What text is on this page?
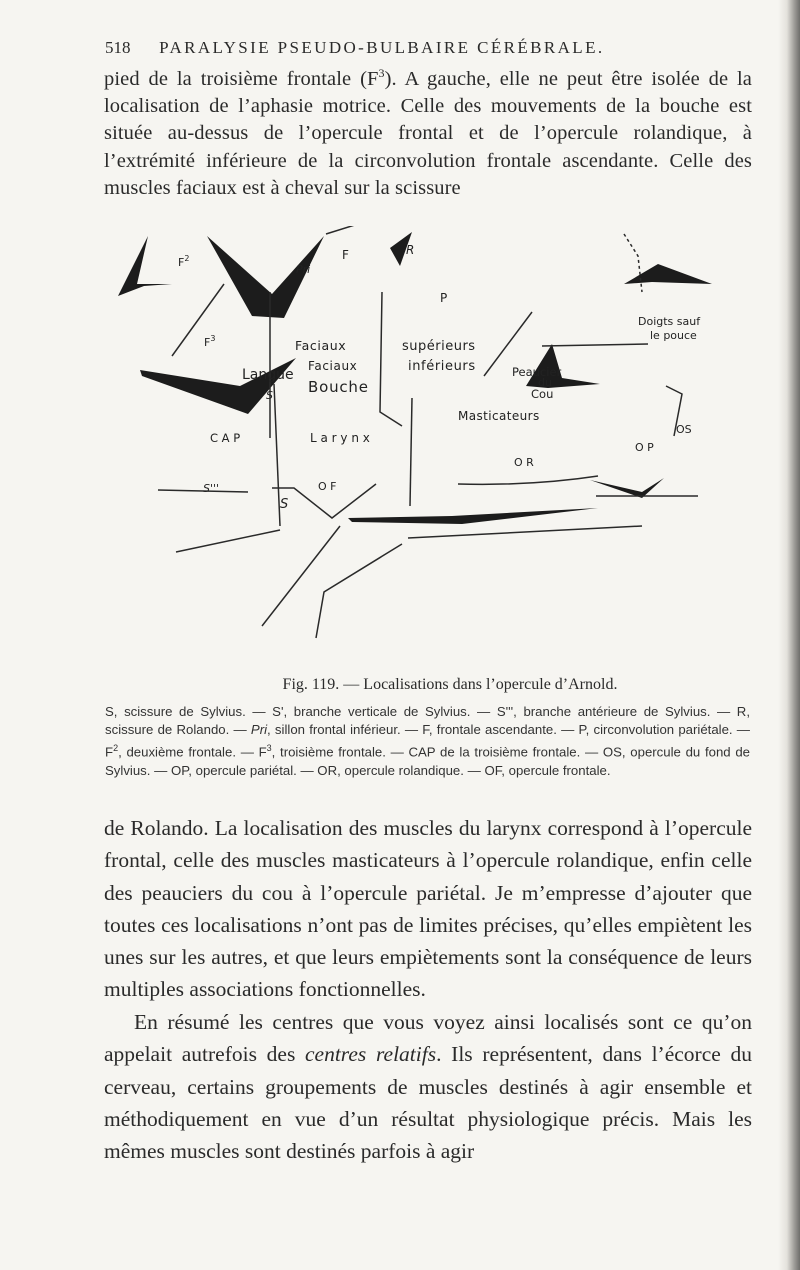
518 PARALYSIE PSEUDO-BULBAIRE CÉRÉBRALE.
pied de la troisième frontale $(F^3)$. A gauche, elle ne peut être isolée de la localisation de l’aphasie motrice. Celle des mouvements de la bouche est située au-dessus de l’opercule frontal et de l’opercule rolandique, à l’extrémité inférieure de la circonvolution frontale ascendante. Celle des muscles faciaux est à cheval sur la scissure
$F^2$
Pri
F	R
P
$F^3$	Faciaux	supérieurs
Doigts sauf
le pouce
Faciaux	inférieurs
Langue
S' Bouche
Peaucier
du
Cou
Masticateurs
C A P	L a r y n x
OS
O P
O R
S'''	O F
S
Fig. 119. — Localisations dans l’opercule d’Arnold.
S, scissure de Sylvius. — S', branche verticale de Sylvius. — S''', branche antérieure de Sylvius. — R, scissure de Rolando. — Pri, sillon frontal inférieur. — F, frontale ascendante. — P, circonvolution pariétale. — $F^2$, deuxième frontale. — $F^3$, troisième frontale. — CAP de la troisième frontale. — OS, opercule du fond de Sylvius. — OP, opercule pariétal. — OR, opercule rolandique. — OF, opercule frontale.
de Rolando. La localisation des muscles du larynx correspond à l’opercule frontal, celle des muscles masticateurs à l’opercule rolandique, enfin celle des peauciers du cou à l’opercule pariétal. Je m’empresse d’ajouter que toutes ces localisations n’ont pas de limites précises, qu’elles empiètent les unes sur les autres, et que leurs empiètements sont la conséquence de leurs multiples associations fonctionnelles.
En résumé les centres que vous voyez ainsi localisés sont ce qu’on appelait autrefois des centres relatifs. Ils représentent, dans l’écorce du cerveau, certains groupements de muscles destinés à agir ensemble et méthodiquement en vue d’un résultat physiologique précis. Mais les mêmes muscles sont destinés parfois à agir
